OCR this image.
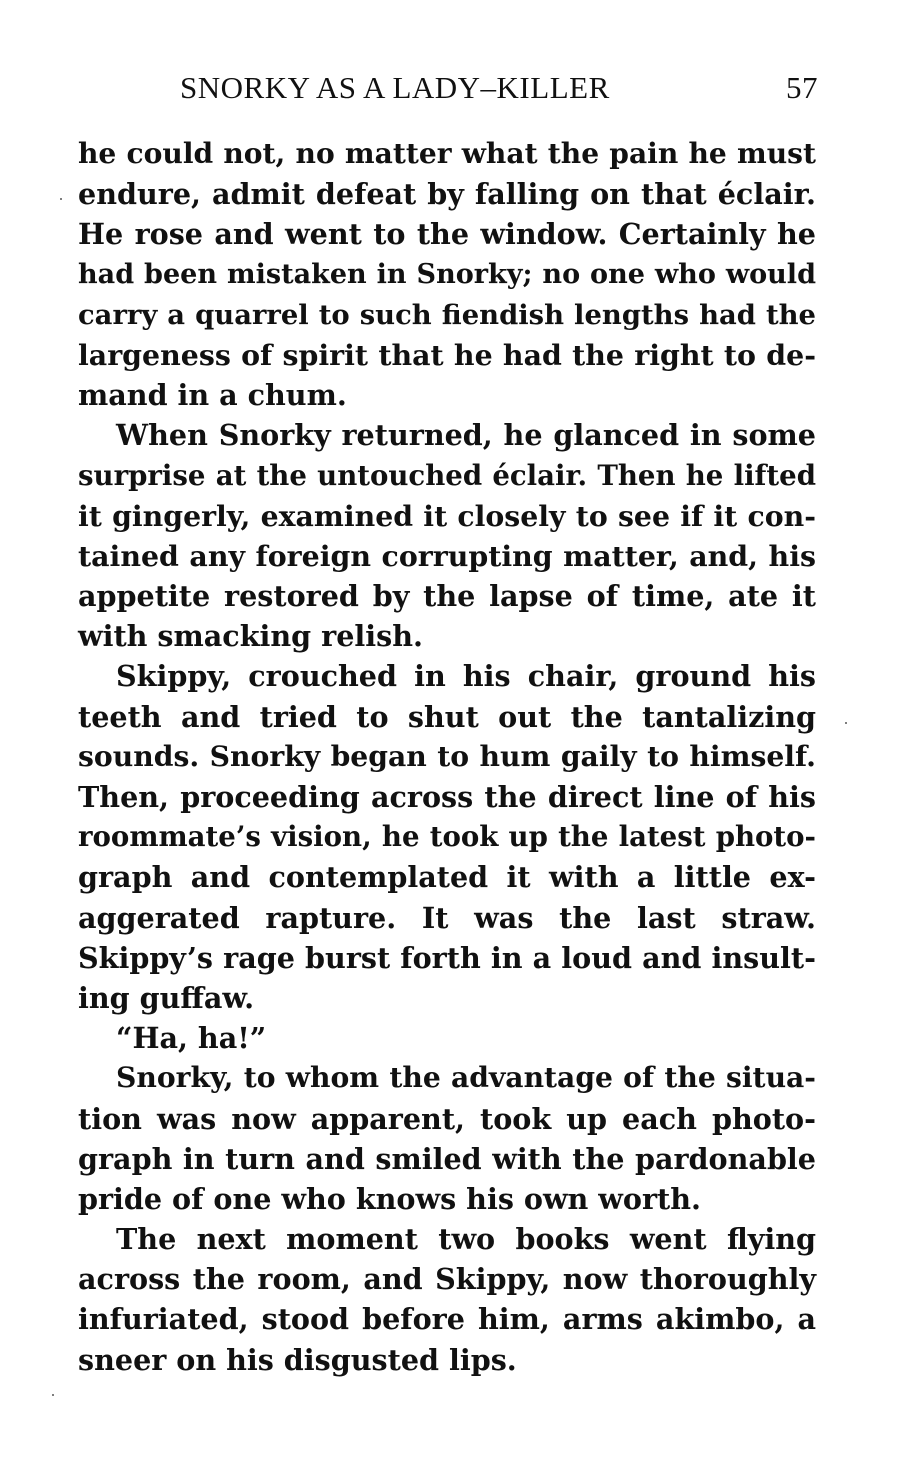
SNORKY AS A LADY–KILLER	57
he could not, no matter what the pain he must
endure, admit defeat by falling on that éclair.
He rose and went to the window. Certainly he
had been mistaken in Snorky; no one who would
carry a quarrel to such fiendish lengths had the
largeness of spirit that he had the right to de-
mand in a chum.
When Snorky returned, he glanced in some
surprise at the untouched éclair. Then he lifted
it gingerly, examined it closely to see if it con-
tained any foreign corrupting matter, and, his
appetite restored by the lapse of time, ate it
with smacking relish.
Skippy, crouched in his chair, ground his
teeth and tried to shut out the tantalizing
sounds. Snorky began to hum gaily to himself.
Then, proceeding across the direct line of his
roommate’s vision, he took up the latest photo-
graph and contemplated it with a little ex-
aggerated rapture. It was the last straw.
Skippy’s rage burst forth in a loud and insult-
ing guffaw.
“Ha, ha!”
Snorky, to whom the advantage of the situa-
tion was now apparent, took up each photo-
graph in turn and smiled with the pardonable
pride of one who knows his own worth.
The next moment two books went flying
across the room, and Skippy, now thoroughly
infuriated, stood before him, arms akimbo, a
sneer on his disgusted lips.
